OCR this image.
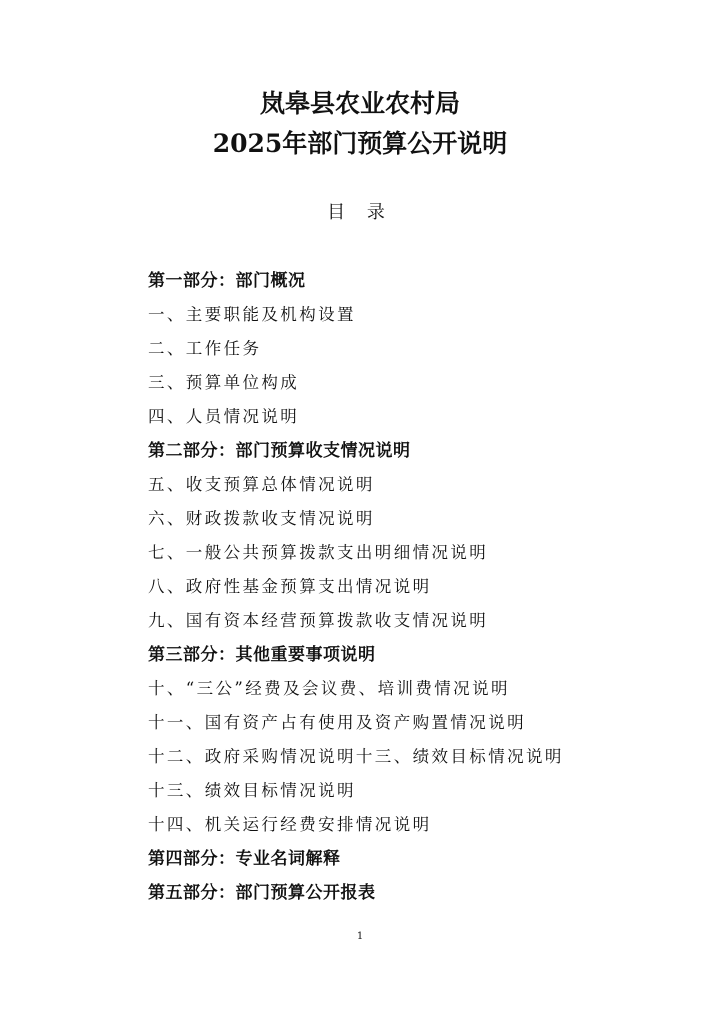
岚皋县农业农村局
2025年部门预算公开说明
目 录
第一部分：部门概况
一、主要职能及机构设置
二、工作任务
三、预算单位构成
四、人员情况说明
第二部分：部门预算收支情况说明
五、收支预算总体情况说明
六、财政拨款收支情况说明
七、一般公共预算拨款支出明细情况说明
八、政府性基金预算支出情况说明
九、国有资本经营预算拨款收支情况说明
第三部分：其他重要事项说明
十、“三公”经费及会议费、培训费情况说明
十一、国有资产占有使用及资产购置情况说明
十二、政府采购情况说明十三、绩效目标情况说明
十三、绩效目标情况说明
十四、机关运行经费安排情况说明
第四部分：专业名词解释
第五部分：部门预算公开报表
1
